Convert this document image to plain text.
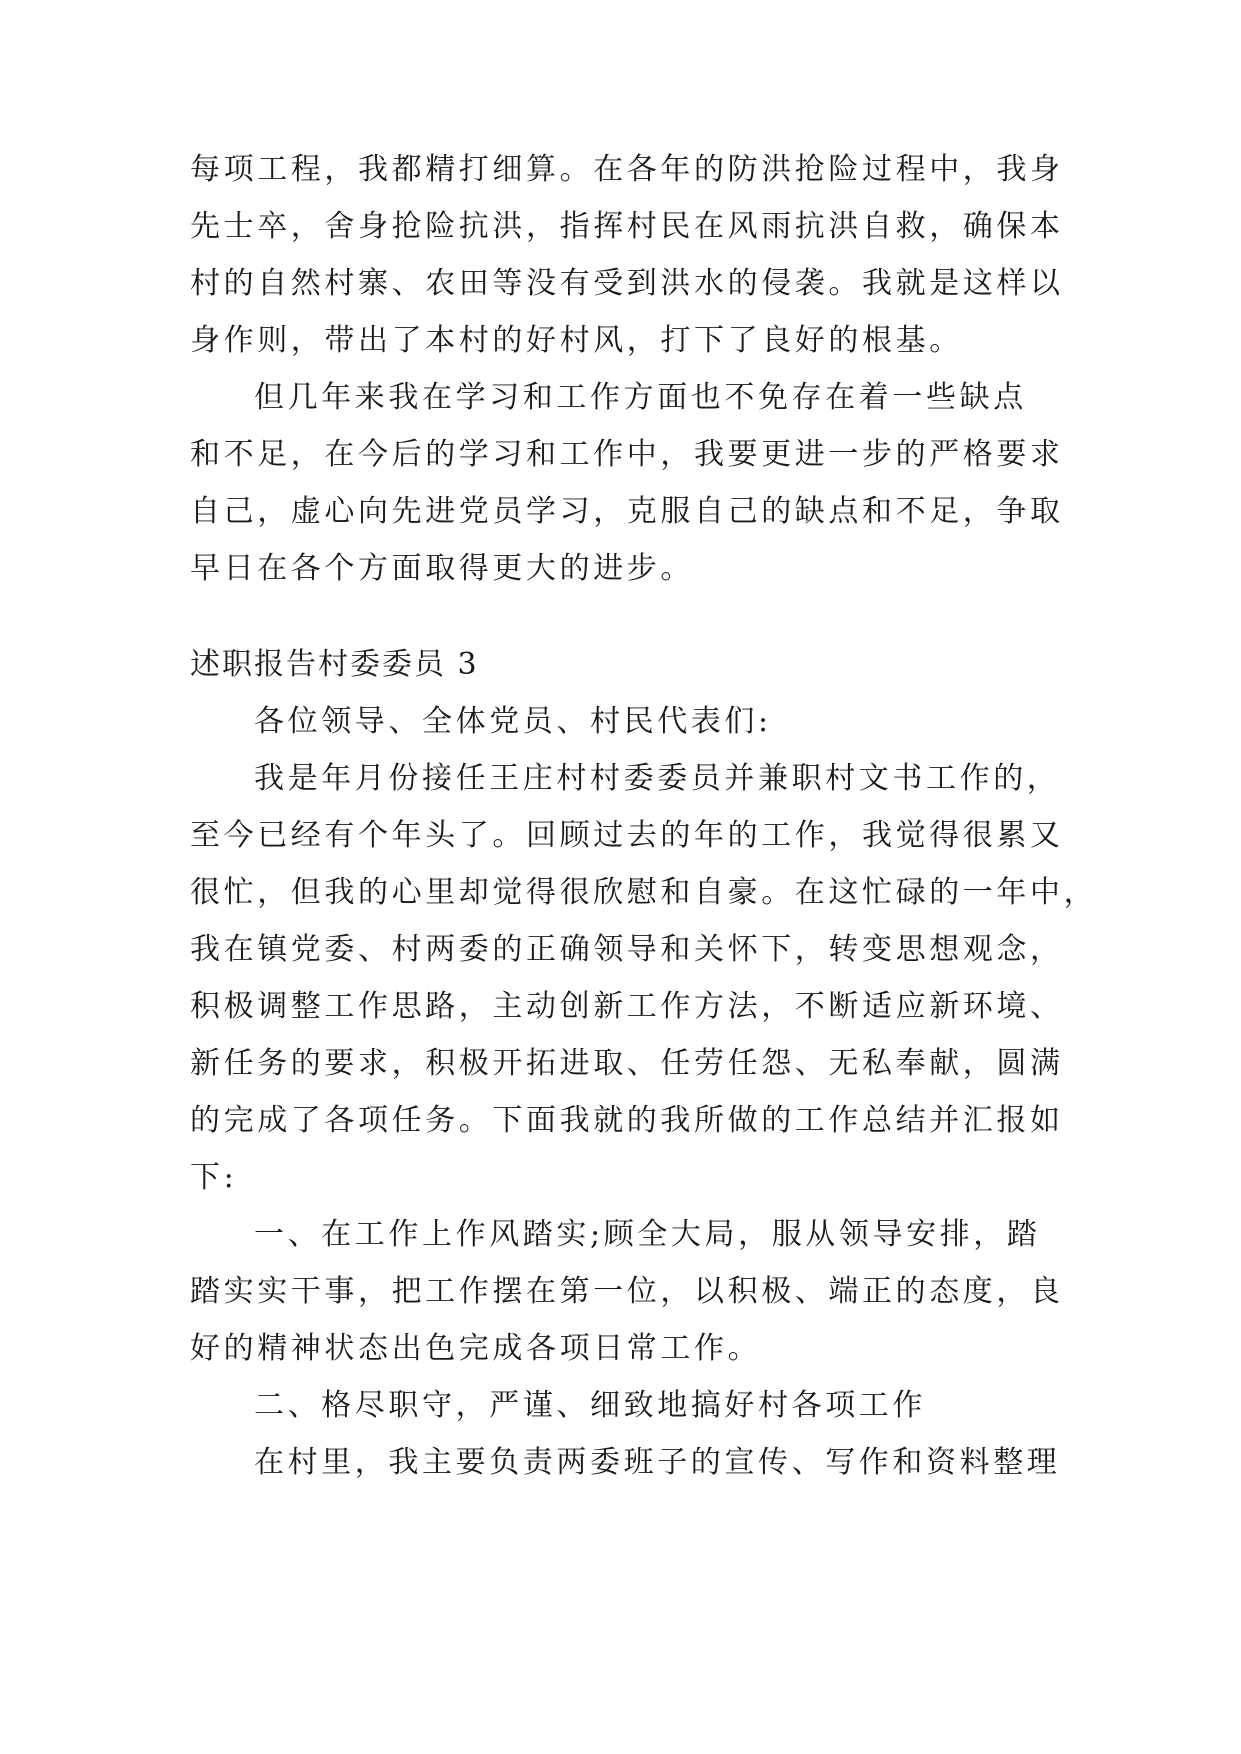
每项工程，我都精打细算。在各年的防洪抢险过程中，我身
先士卒，舍身抢险抗洪，指挥村民在风雨抗洪自救，确保本
村的自然村寨、农田等没有受到洪水的侵袭。我就是这样以
身作则，带出了本村的好村风，打下了良好的根基。
但几年来我在学习和工作方面也不免存在着一些缺点
和不足，在今后的学习和工作中，我要更进一步的严格要求
自己，虚心向先进党员学习，克服自己的缺点和不足，争取
早日在各个方面取得更大的进步。
述职报告村委委员 3
各位领导、全体党员、村民代表们:
我是年月份接任王庄村村委委员并兼职村文书工作的，
至今已经有个年头了。回顾过去的年的工作，我觉得很累又
很忙，但我的心里却觉得很欣慰和自豪。在这忙碌的一年中，
我在镇党委、村两委的正确领导和关怀下，转变思想观念，
积极调整工作思路，主动创新工作方法，不断适应新环境、
新任务的要求，积极开拓进取、任劳任怨、无私奉献，圆满
的完成了各项任务。下面我就的我所做的工作总结并汇报如
下:
一、在工作上作风踏实;顾全大局，服从领导安排，踏
踏实实干事，把工作摆在第一位，以积极、端正的态度，良
好的精神状态出色完成各项日常工作。
二、格尽职守，严谨、细致地搞好村各项工作
在村里，我主要负责两委班子的宣传、写作和资料整理
